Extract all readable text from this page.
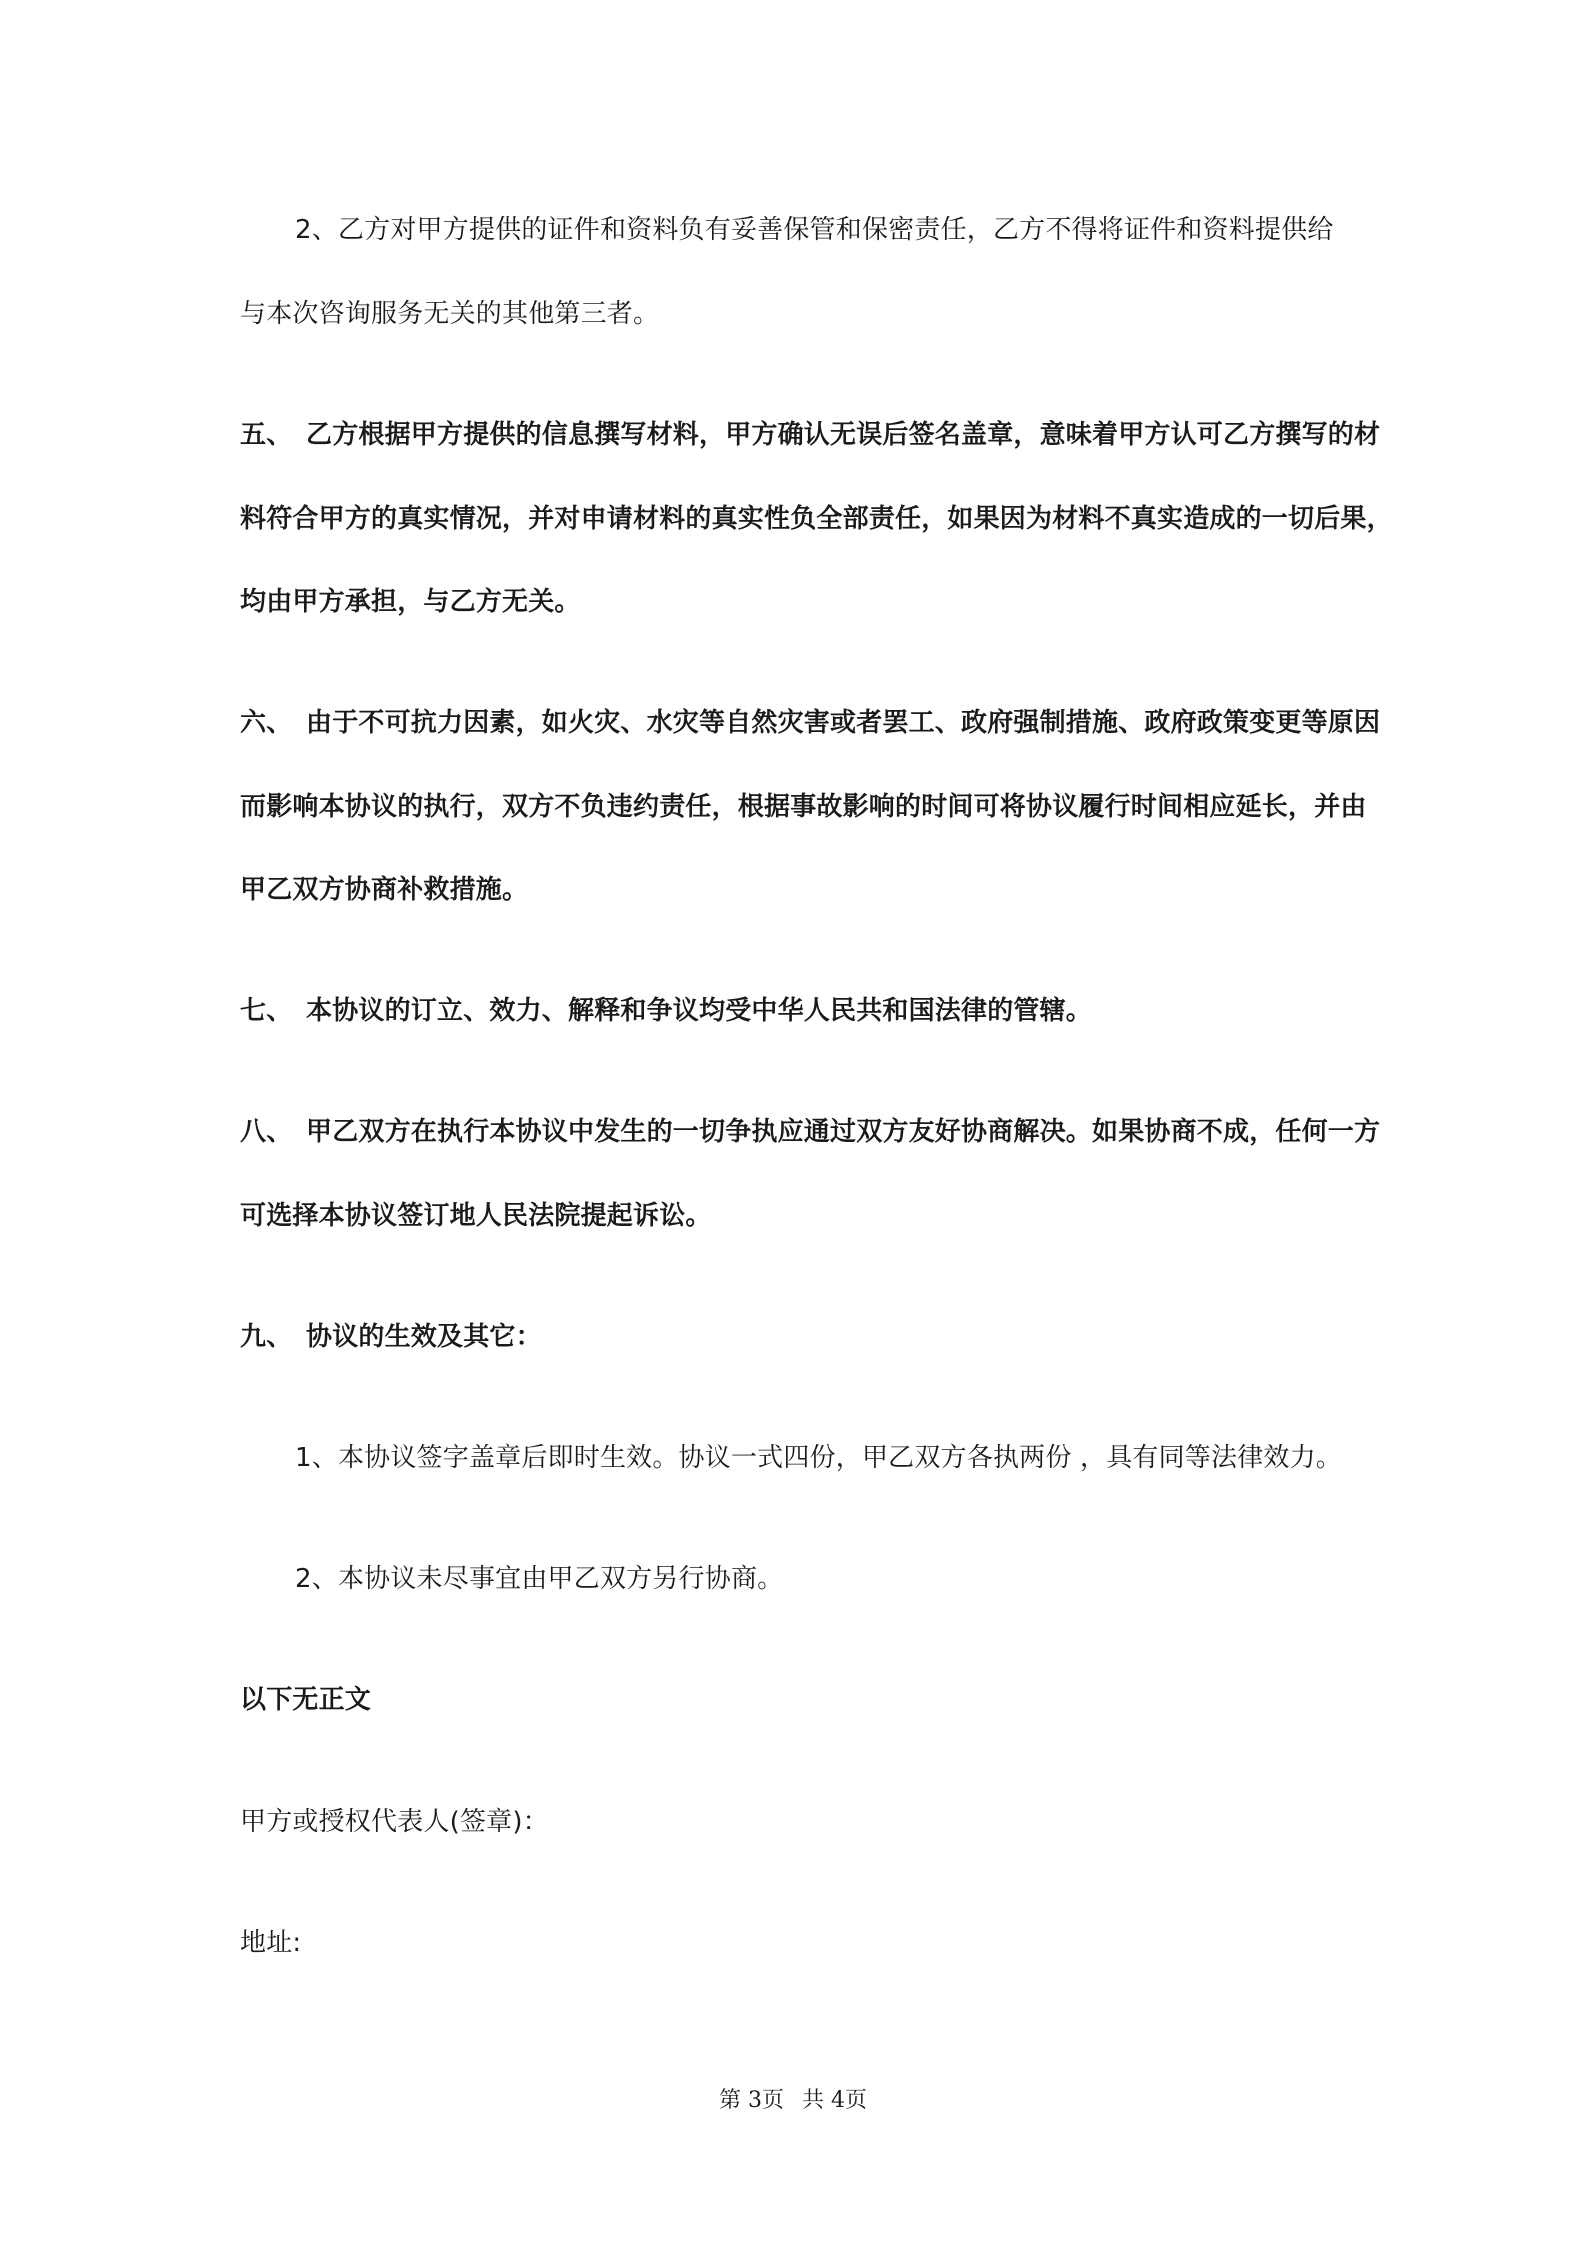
2、乙方对甲方提供的证件和资料负有妥善保管和保密责任，乙方不得将证件和资料提供给
与本次咨询服务无关的其他第三者。
五、 乙方根据甲方提供的信息撰写材料，甲方确认无误后签名盖章，意味着甲方认可乙方撰写的材
料符合甲方的真实情况，并对申请材料的真实性负全部责任，如果因为材料不真实造成的一切后果，
均由甲方承担，与乙方无关。
六、 由于不可抗力因素，如火灾、水灾等自然灾害或者罢工、政府强制措施、政府政策变更等原因
而影响本协议的执行，双方不负违约责任，根据事故影响的时间可将协议履行时间相应延长，并由
甲乙双方协商补救措施。
七、 本协议的订立、效力、解释和争议均受中华人民共和国法律的管辖。
八、 甲乙双方在执行本协议中发生的一切争执应通过双方友好协商解决。如果协商不成，任何一方
可选择本协议签订地人民法院提起诉讼。
九、 协议的生效及其它：
1、本协议签字盖章后即时生效。协议一式四份，甲乙双方各执两份 ，具有同等法律效力。
2、本协议未尽事宜由甲乙双方另行协商。
以下无正文
甲方或授权代表人(签章)：
地址:
第 3页 共 4页
